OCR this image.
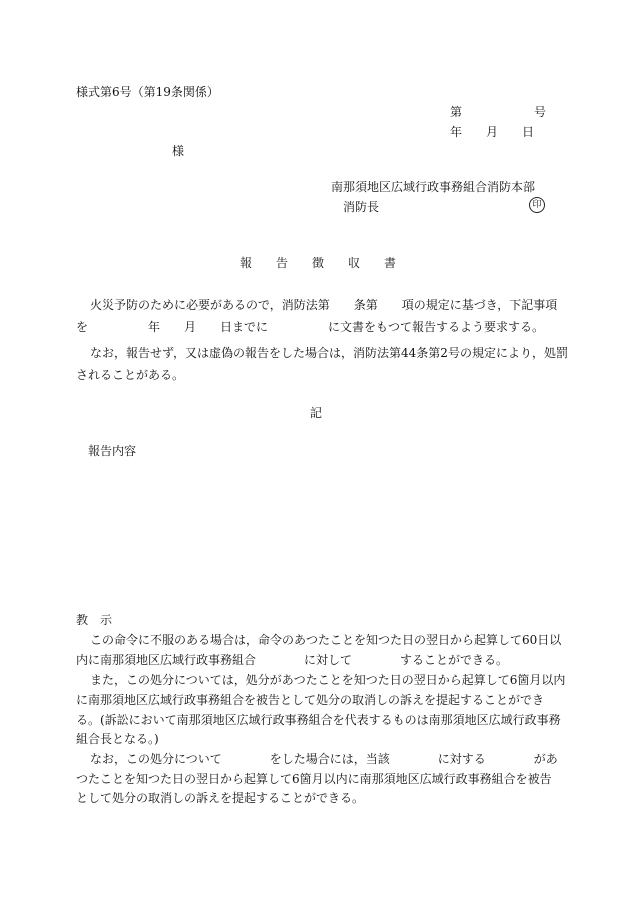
様式第6号（第19条関係）
第　　　　　　号
年　　月　　日
様
南那須地区広域行政事務組合消防本部
消防長	印
報　　告　　徴　　収　　書
火災予防のために必要があるので，消防法第　　条第　　項の規定に基づき，下記事項
を　　　　　年　　月　　日までに　　　　　に文書をもつて報告するよう要求する。
なお，報告せず，又は虚偽の報告をした場合は，消防法第44条第2号の規定により，処罰
されることがある。
記
報告内容
教　示
この命令に不服のある場合は，命令のあつたことを知つた日の翌日から起算して60日以
内に南那須地区広域行政事務組合　　　　に対して　　　　することができる。
また，この処分については，処分があつたことを知つた日の翌日から起算して6箇月以内
に南那須地区広域行政事務組合を被告として処分の取消しの訴えを提起することができ
る。(訴訟において南那須地区広域行政事務組合を代表するものは南那須地区広域行政事務
組合長となる。)
なお，この処分について　　　　をした場合には，当該　　　　に対する　　　　があ
つたことを知つた日の翌日から起算して6箇月以内に南那須地区広域行政事務組合を被告
として処分の取消しの訴えを提起することができる。
